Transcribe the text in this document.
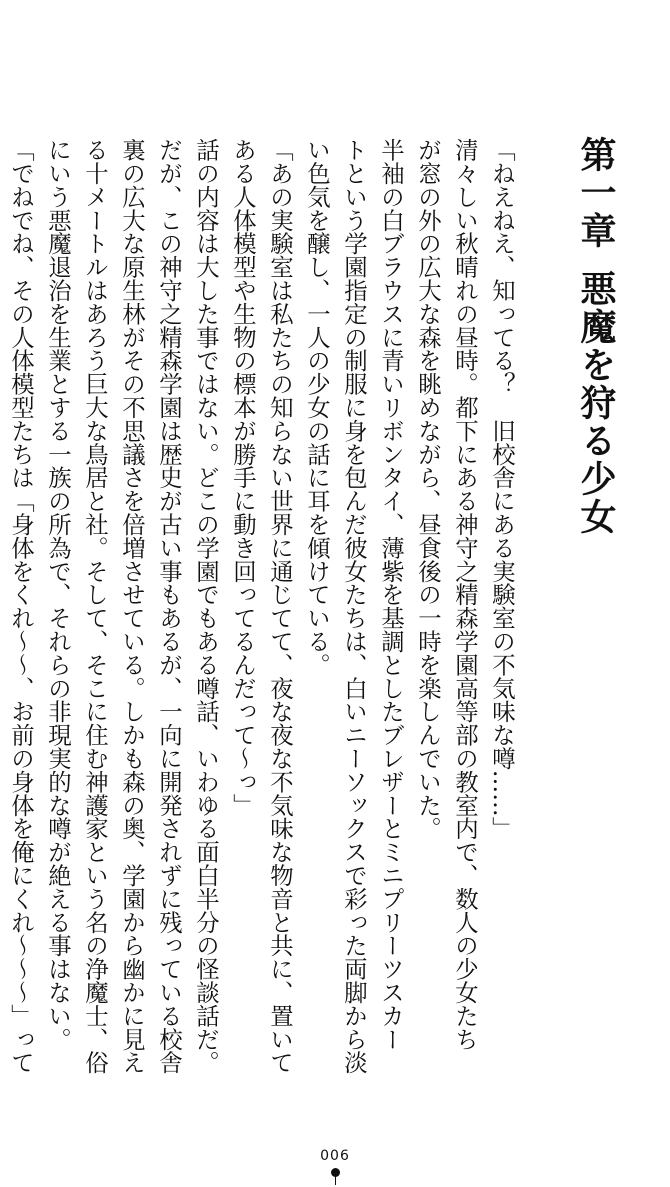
第一章悪魔を狩る少女
「ねえねえ、知ってる？　旧校舎にある実験室の不気味な噂……」
清々しい秋晴れの昼時。都下にある神守之精森学園高等部の教室内で、数人の少女たち
が窓の外の広大な森を眺めながら、昼食後の一時を楽しんでいた。
半袖の白ブラウスに青いリボンタイ、薄紫を基調としたブレザーとミニプリーツスカー
トという学園指定の制服に身を包んだ彼女たちは、白いニーソックスで彩った両脚から淡
い色気を醸し、一人の少女の話に耳を傾けている。
「あの実験室は私たちの知らない世界に通じてて、夜な夜な不気味な物音と共に、置いて
ある人体模型や生物の標本が勝手に動き回ってるんだって〜っ」
話の内容は大した事ではない。どこの学園でもある噂話、いわゆる面白半分の怪談話だ。
だが、この神守之精森学園は歴史が古い事もあるが、一向に開発されずに残っている校舎
裏の広大な原生林がその不思議さを倍増させている。しかも森の奥、学園から幽かに見え
る十メートルはあろう巨大な鳥居と社。そして、そこに住む神護家という名の浄魔士、俗
にいう悪魔退治を生業とする一族の所為で、それらの非現実的な噂が絶える事はない。
「でねでね、その人体模型たちは「身体をくれ〜〜、お前の身体を俺にくれ〜〜〜」って
006
